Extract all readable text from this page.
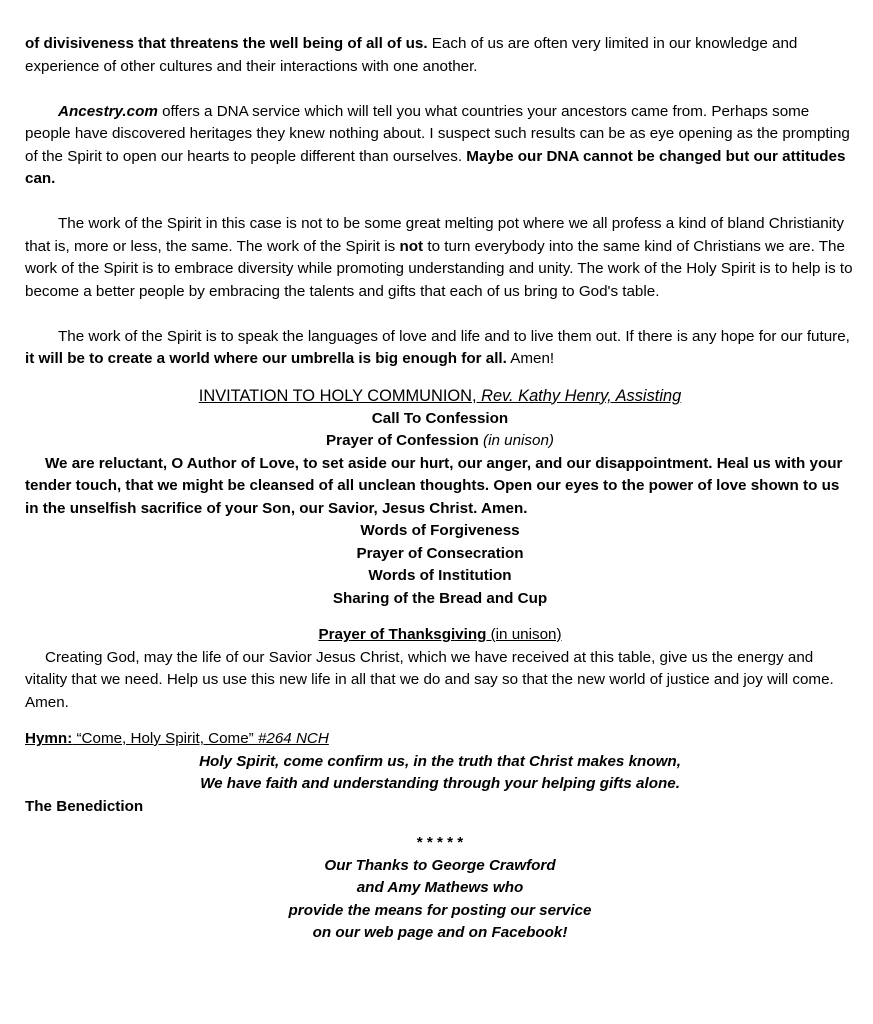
of divisiveness that threatens the well being of all of us. Each of us are often very limited in our knowledge and experience of other cultures and their interactions with one another.

Ancestry.com offers a DNA service which will tell you what countries your ancestors came from. Perhaps some people have discovered heritages they knew nothing about. I suspect such results can be as eye opening as the prompting of the Spirit to open our hearts to people different than ourselves. Maybe our DNA cannot be changed but our attitudes can.

The work of the Spirit in this case is not to be some great melting pot where we all profess a kind of bland Christianity that is, more or less, the same. The work of the Spirit is not to turn everybody into the same kind of Christians we are. The work of the Spirit is to embrace diversity while promoting understanding and unity. The work of the Holy Spirit is to help is to become a better people by embracing the talents and gifts that each of us bring to God's table.

The work of the Spirit is to speak the languages of love and life and to live them out. If there is any hope for our future, it will be to create a world where our umbrella is big enough for all. Amen!

INVITATION TO HOLY COMMUNION, Rev. Kathy Henry, Assisting

Call To Confession

Prayer of Confession (in unison)

We are reluctant, O Author of Love, to set aside our hurt, our anger, and our disappointment. Heal us with your tender touch, that we might be cleansed of all unclean thoughts. Open our eyes to the power of love shown to us in the unselfish sacrifice of your Son, our Savior, Jesus Christ. Amen.

Words of Forgiveness

Prayer of Consecration

Words of Institution

Sharing of the Bread and Cup

Prayer of Thanksgiving (in unison)

Creating God, may the life of our Savior Jesus Christ, which we have received at this table, give us the energy and vitality that we need. Help us use this new life in all that we do and say so that the new world of justice and joy will come. Amen.

Hymn: “Come, Holy Spirit, Come” #264 NCH

Holy Spirit, come confirm us, in the truth that Christ makes known,

We have faith and understanding through your helping gifts alone.

The Benediction

* * * * *

Our Thanks to George Crawford

and Amy Mathews who

provide the means for posting our service

on our web page and on Facebook!
